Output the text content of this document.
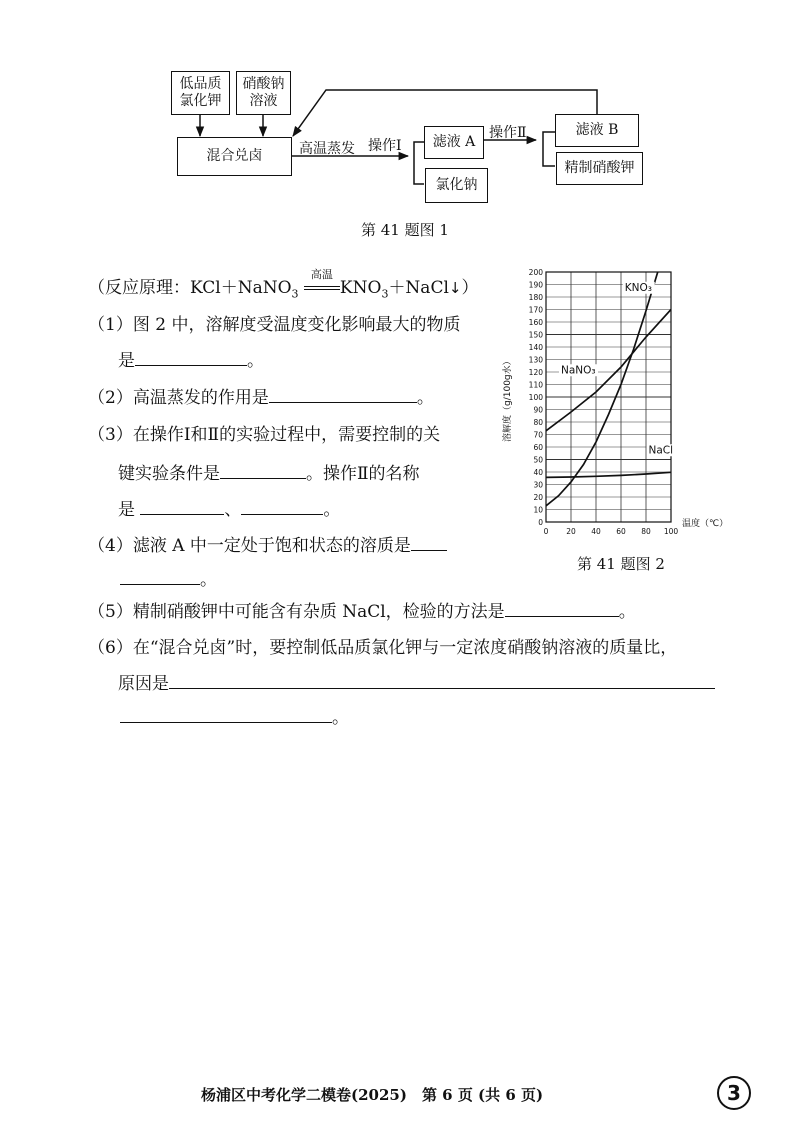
低品质
氯化钾
硝酸钠
溶液
混合兑卤
滤液 A
氯化钠
滤液 B
精制硝酸钾
高温蒸发 操作Ⅰ
操作Ⅱ
第 41 题图 1
0
10
20
30
40
50
60
70
80
90
100
110
120
130
140
150
160
170
180
190
200
0 20 40 60 80 100
KNO₃
NaNO₃
NaCl
溶解度（g/100g水）
温度（℃）
第 41 题图 2
（反应原理：KCl＋NaNO$_3$
高温
$KNO_3+NaCl↓$）
（1）图 2 中，溶解度受温度变化影响最大的物质
是	。
（2）高温蒸发的作用是	。
（3）在操作Ⅰ和Ⅱ的实验过程中，需要控制的关
键实验条件是	。操作Ⅱ的名称
是	、	。
（4）滤液 A 中一定处于饱和状态的溶质是
。
（5）精制硝酸钾中可能含有杂质 NaCl，检验的方法是	。
（6）在“混合兑卤”时，要控制低品质氯化钾与一定浓度硝酸钠溶液的质量比，
原因是
。
杨浦区中考化学二模卷(2025)　第 6 页 (共 6 页)	3
